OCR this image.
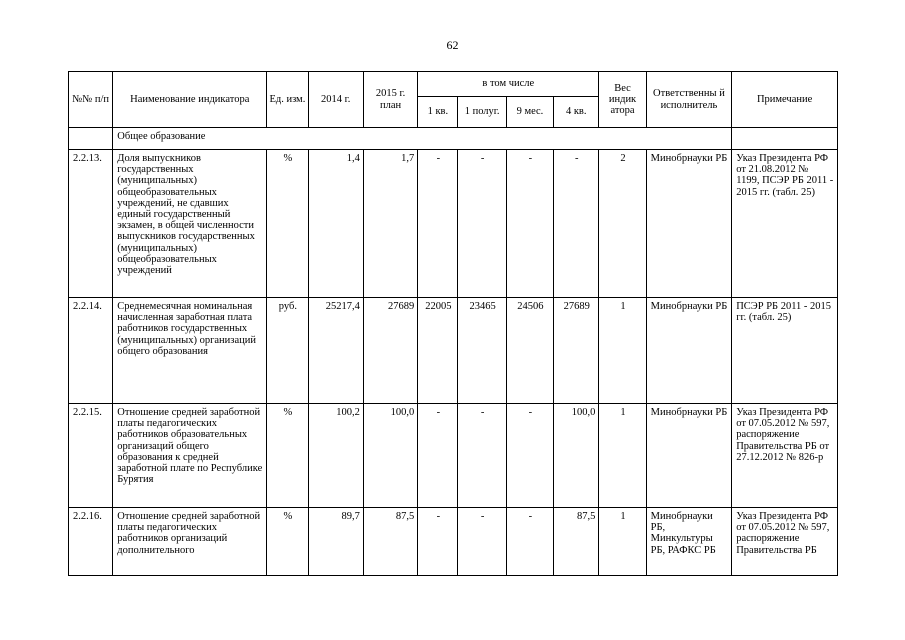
62
№№ п/п	Наименование индикатора	Ед. изм.	2014 г.	2015 г. план	в том числе				Вес индик атора	Ответственны й исполнитель	Примечание
					1 кв.	1 полуг.	9 мес.	4 кв.			
	Общее образование										
2.2.13.	Доля выпускников государственных (муниципальных) общеобразовательных учреждений, не сдавших единый государственный экзамен, в общей численности выпускников государственных (муниципальных) общеобразовательных учреждений	%	1,4	1,7	-	-	-	-	2	Минобрнауки РБ	Указ Президента РФ от 21.08.2012 № 1199, ПСЭР РБ 2011 - 2015 гг. (табл. 25)
2.2.14.	Среднемесячная номинальная начисленная заработная плата работников государственных (муниципальных) организаций общего образования	руб.	25217,4	27689	22005	23465	24506	27689	1	Минобрнауки РБ	ПСЭР РБ 2011 - 2015 гг. (табл. 25)
2.2.15.	Отношение средней заработной платы педагогических работников образовательных организаций общего образования к средней заработной плате по Республике Бурятия	%	100,2	100,0	-	-	-	100,0	1	Минобрнауки РБ	Указ Президента РФ от 07.05.2012 № 597, распоряжение Правительства РБ от 27.12.2012 № 826-р
2.2.16.	Отношение средней заработной платы педагогических работников организаций дополнительного	%	89,7	87,5	-	-	-	87,5	1	Минобрнауки РБ, Минкультуры РБ, РАФКС РБ	Указ Президента РФ от 07.05.2012 № 597, распоряжение Правительства РБ
